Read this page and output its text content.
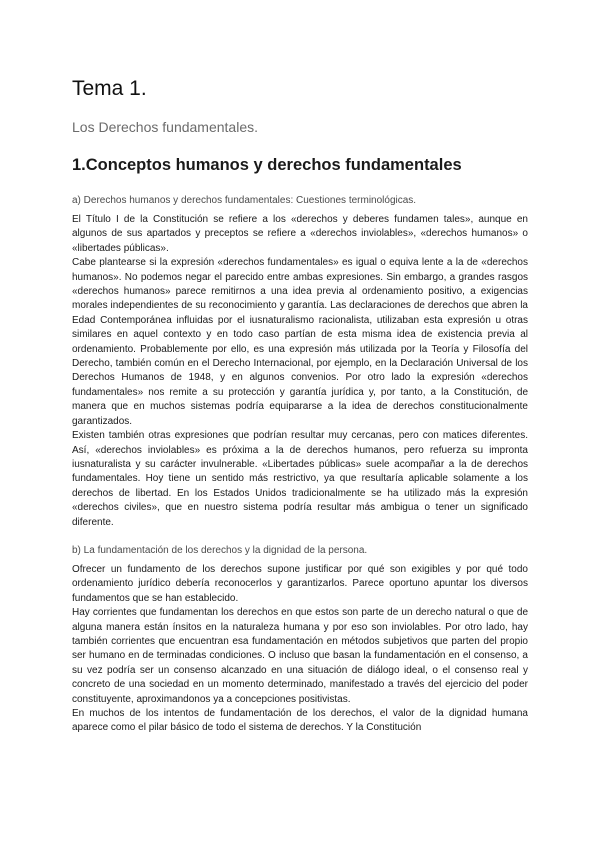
Tema 1.
Los Derechos fundamentales.
1.Conceptos humanos y derechos fundamentales
a) Derechos humanos y derechos fundamentales: Cuestiones terminológicas.

El Título I de la Constitución se refiere a los «derechos y deberes fundamen tales», aunque en algunos de sus apartados y preceptos se refiere a «derechos inviolables», «derechos humanos» o «libertades públicas».

Cabe plantearse si la expresión «derechos fundamentales» es igual o equiva lente a la de «derechos humanos». No podemos negar el parecido entre ambas expresiones. Sin embargo, a grandes rasgos «derechos humanos» parece remitirnos a una idea previa al ordenamiento positivo, a exigencias morales independientes de su reconocimiento y garantía. Las declaraciones de derechos que abren la Edad Contemporánea influidas por el iusnaturalismo racionalista, utilizaban esta expresión u otras similares en aquel contexto y en todo caso partían de esta misma idea de existencia previa al ordenamiento. Probablemente por ello, es una expresión más utilizada por la Teoría y Filosofía del Derecho, también común en el Derecho Internacional, por ejemplo, en la Declaración Universal de los Derechos Humanos de 1948, y en algunos convenios. Por otro lado la expresión «derechos fundamentales» nos remite a su protección y garantía jurídica y, por tanto, a la Constitución, de manera que en muchos sistemas podría equipararse a la idea de derechos constitucionalmente garantizados.

Existen también otras expresiones que podrían resultar muy cercanas, pero con matices diferentes. Así, «derechos inviolables» es próxima a la de derechos humanos, pero refuerza su impronta iusnaturalista y su carácter invulnerable. «Libertades públicas» suele acompañar a la de derechos fundamentales. Hoy tiene un sentido más restrictivo, ya que resultaría aplicable solamente a los derechos de libertad. En los Estados Unidos tradicionalmente se ha utilizado más la expresión «derechos civiles», que en nuestro sistema podría resultar más ambigua o tener un significado diferente.

b) La fundamentación de los derechos y la dignidad de la persona.

Ofrecer un fundamento de los derechos supone justificar por qué son exigibles y por qué todo ordenamiento jurídico debería reconocerlos y garantizarlos. Parece oportuno apuntar los diversos fundamentos que se han establecido.

Hay corrientes que fundamentan los derechos en que estos son parte de un derecho natural o que de alguna manera están ínsitos en la naturaleza humana y por eso son inviolables. Por otro lado, hay también corrientes que encuentran esa fundamentación en métodos subjetivos que parten del propio ser humano en de terminadas condiciones. O incluso que basan la fundamentación en el consenso, a su vez podría ser un consenso alcanzado en una situación de diálogo ideal, o el consenso real y concreto de una sociedad en un momento determinado, manifestado a través del ejercicio del poder constituyente, aproximandonos ya a concepciones positivistas.

En muchos de los intentos de fundamentación de los derechos, el valor de la dignidad humana aparece como el pilar básico de todo el sistema de derechos. Y la Constitución
